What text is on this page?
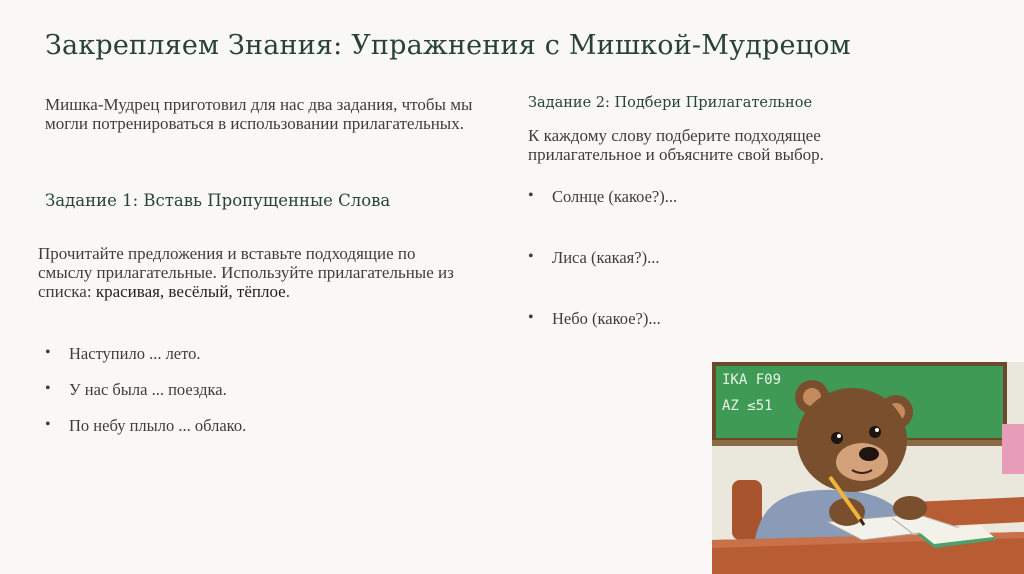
Закрепляем Знания: Упражнения с Мишкой-Мудрецом
Мишка-Мудрец приготовил для нас два задания, чтобы мы могли потренироваться в использовании прилагательных.
Задание 1: Вставь Пропущенные Слова
Прочитайте предложения и вставьте подходящие по смыслу прилагательные. Используйте прилагательные из списка: красивая, весёлый, тёплое.
• Наступило ... лето.
• У нас была ... поездка.
• По небу плыло ... облако.
Задание 2: Подбери Прилагательное
К каждому слову подберите подходящее прилагательное и объясните свой выбор.
• Солнце (какое?)...
• Лиса (какая?)...
• Небо (какое?)...
IKA F09
AZ ≤51
